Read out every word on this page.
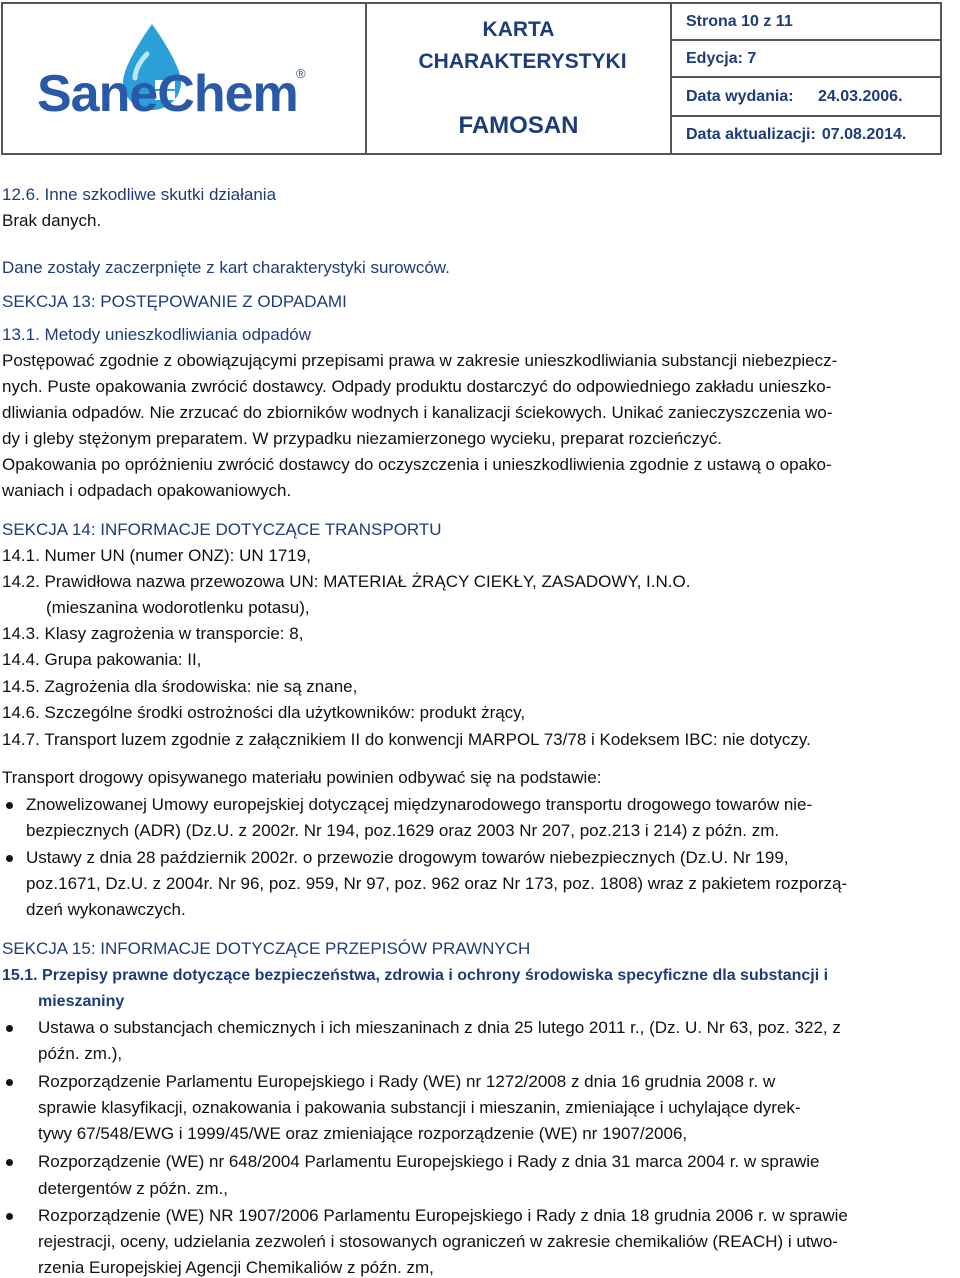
SaneChem
®
KARTA CHARAKTERYSTYKI
FAMOSAN
Strona 10 z 11
Edycja: 7
Data wydania:	24.03.2006.
Data aktualizacji: 07.08.2014.
12.6. Inne szkodliwe skutki działania
Brak danych.
Dane zostały zaczerpnięte z kart charakterystyki surowców.
SEKCJA 13: POSTĘPOWANIE Z ODPADAMI
13.1. Metody unieszkodliwiania odpadów
Postępować zgodnie z obowiązującymi przepisami prawa w zakresie unieszkodliwiania substancji niebezpiecz-
nych. Puste opakowania zwrócić dostawcy. Odpady produktu dostarczyć do odpowiedniego zakładu unieszko-
dliwiania odpadów. Nie zrzucać do zbiorników wodnych i kanalizacji ściekowych. Unikać zanieczyszczenia wo-
dy i gleby stężonym preparatem. W przypadku niezamierzonego wycieku, preparat rozcieńczyć.
Opakowania po opróżnieniu zwrócić dostawcy do oczyszczenia i unieszkodliwienia zgodnie z ustawą o opako-
waniach i odpadach opakowaniowych.
SEKCJA 14: INFORMACJE DOTYCZĄCE TRANSPORTU
14.1. Numer UN (numer ONZ): UN 1719,
14.2. Prawidłowa nazwa przewozowa UN: MATERIAŁ ŻRĄCY CIEKŁY, ZASADOWY, I.N.O.
(mieszanina wodorotlenku potasu),
14.3. Klasy zagrożenia w transporcie: 8,
14.4. Grupa pakowania: II,
14.5. Zagrożenia dla środowiska: nie są znane,
14.6. Szczególne środki ostrożności dla użytkowników: produkt żrący,
14.7. Transport luzem zgodnie z załącznikiem II do konwencji MARPOL 73/78 i Kodeksem IBC: nie dotyczy.
Transport drogowy opisywanego materiału powinien odbywać się na podstawie:
Znowelizowanej Umowy europejskiej dotyczącej międzynarodowego transportu drogowego towarów nie-
bezpiecznych (ADR) (Dz.U. z 2002r. Nr 194, poz.1629 oraz 2003 Nr 207, poz.213 i 214) z późn. zm.
Ustawy z dnia 28 październik 2002r. o przewozie drogowym towarów niebezpiecznych (Dz.U. Nr 199,
poz.1671, Dz.U. z 2004r. Nr 96, poz. 959, Nr 97, poz. 962 oraz Nr 173, poz. 1808) wraz z pakietem rozporzą-
dzeń wykonawczych.
SEKCJA 15: INFORMACJE DOTYCZĄCE PRZEPISÓW PRAWNYCH
15.1. Przepisy prawne dotyczące bezpieczeństwa, zdrowia i ochrony środowiska specyficzne dla substancji i
mieszaniny
Ustawa o substancjach chemicznych i ich mieszaninach z dnia 25 lutego 2011 r., (Dz. U. Nr 63, poz. 322, z
późn. zm.),
Rozporządzenie Parlamentu Europejskiego i Rady (WE) nr 1272/2008 z dnia 16 grudnia 2008 r. w
sprawie klasyfikacji, oznakowania i pakowania substancji i mieszanin, zmieniające i uchylające dyrek-
tywy 67/548/EWG i 1999/45/WE oraz zmieniające rozporządzenie (WE) nr 1907/2006,
Rozporządzenie (WE) nr 648/2004 Parlamentu Europejskiego i Rady z dnia 31 marca 2004 r. w sprawie
detergentów z późn. zm.,
Rozporządzenie (WE) NR 1907/2006 Parlamentu Europejskiego i Rady z dnia 18 grudnia 2006 r. w sprawie
rejestracji, oceny, udzielania zezwoleń i stosowanych ograniczeń w zakresie chemikaliów (REACH) i utwo-
rzenia Europejskiej Agencji Chemikaliów z późn. zm,
